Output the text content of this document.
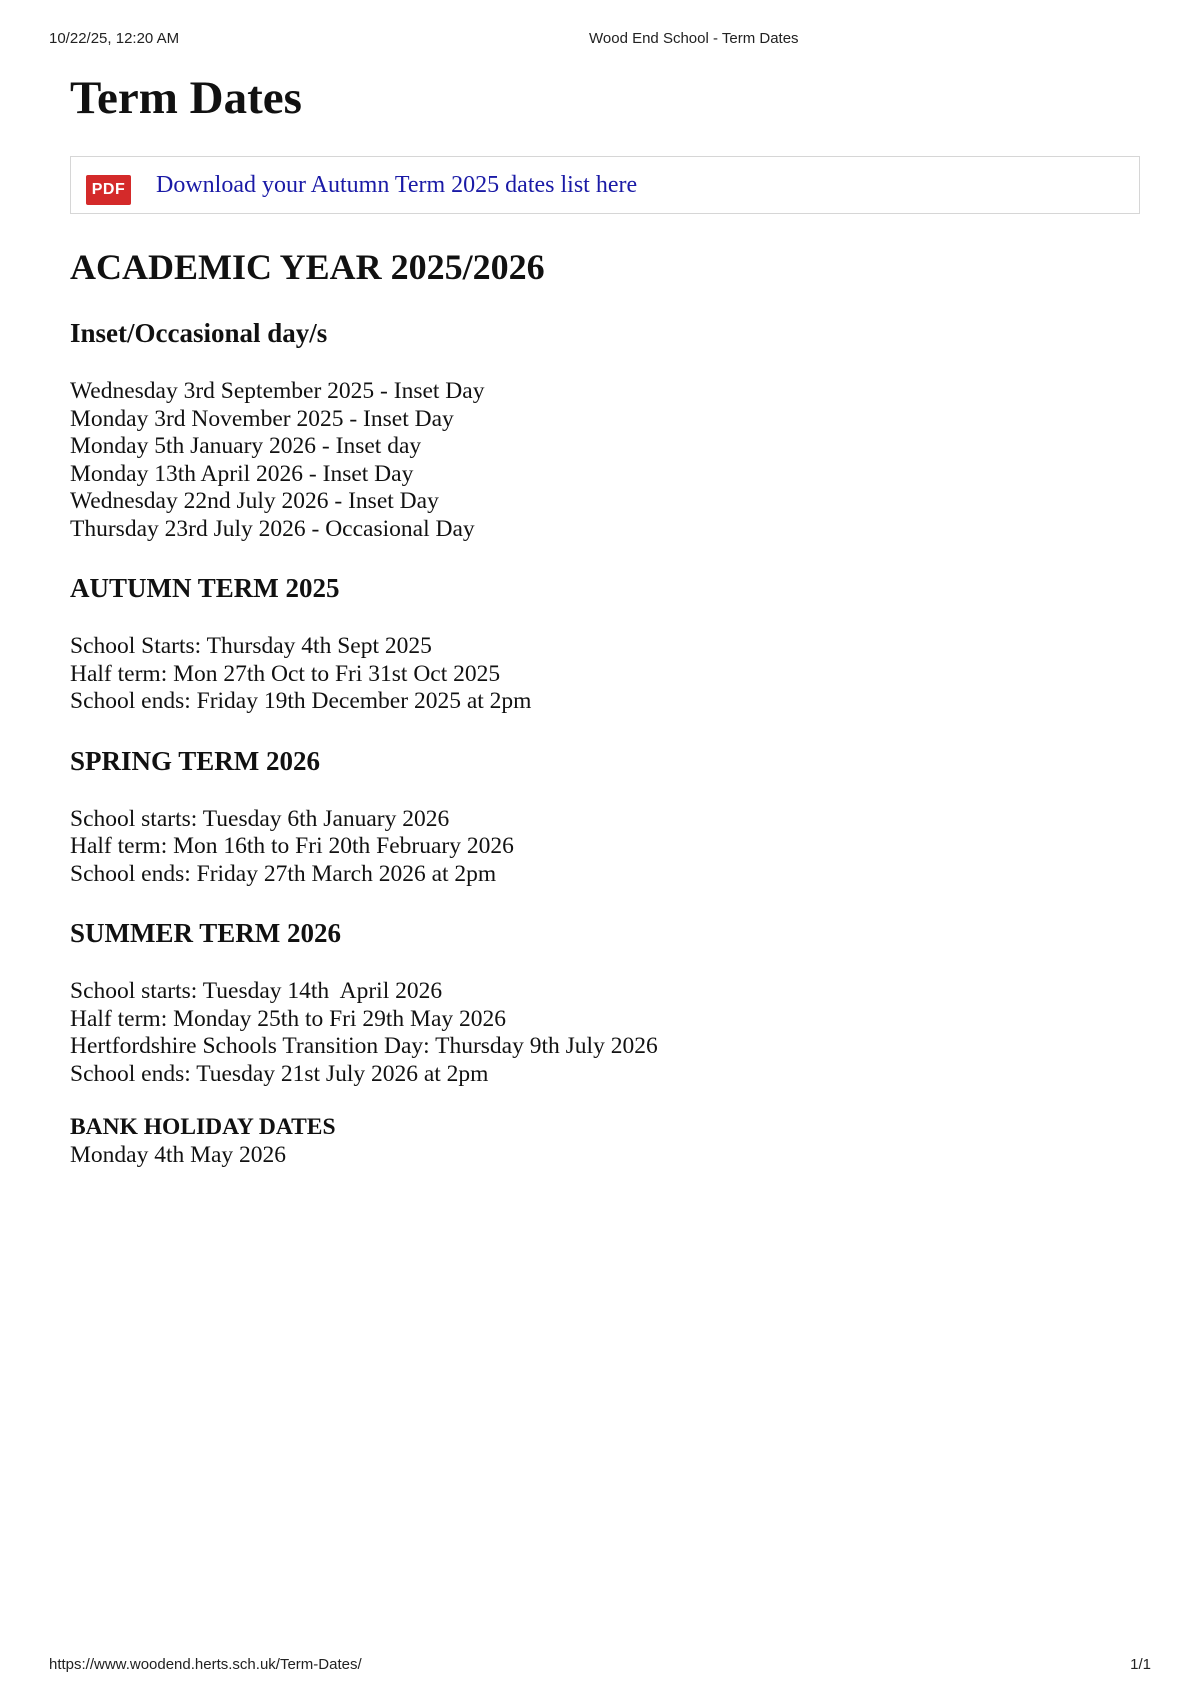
10/22/25, 12:20 AM	Wood End School - Term Dates
Term Dates
PDF Download your Autumn Term 2025 dates list here
ACADEMIC YEAR 2025/2026
Inset/Occasional day/s
Wednesday 3rd September 2025 - Inset Day
Monday 3rd November 2025 - Inset Day
Monday 5th January 2026 - Inset day
Monday 13th April 2026 - Inset Day
Wednesday 22nd July 2026 - Inset Day
Thursday 23rd July 2026 - Occasional Day
AUTUMN TERM 2025
School Starts: Thursday 4th Sept 2025
Half term: Mon 27th Oct to Fri 31st Oct 2025
School ends: Friday 19th December 2025 at 2pm
SPRING TERM 2026
School starts: Tuesday 6th January 2026
Half term: Mon 16th to Fri 20th February 2026
School ends: Friday 27th March 2026 at 2pm
SUMMER TERM 2026
School starts: Tuesday 14th  April 2026
Half term: Monday 25th to Fri 29th May 2026
Hertfordshire Schools Transition Day: Thursday 9th July 2026
School ends: Tuesday 21st July 2026 at 2pm
BANK HOLIDAY DATES
Monday 4th May 2026
https://www.woodend.herts.sch.uk/Term-Dates/	1/1
